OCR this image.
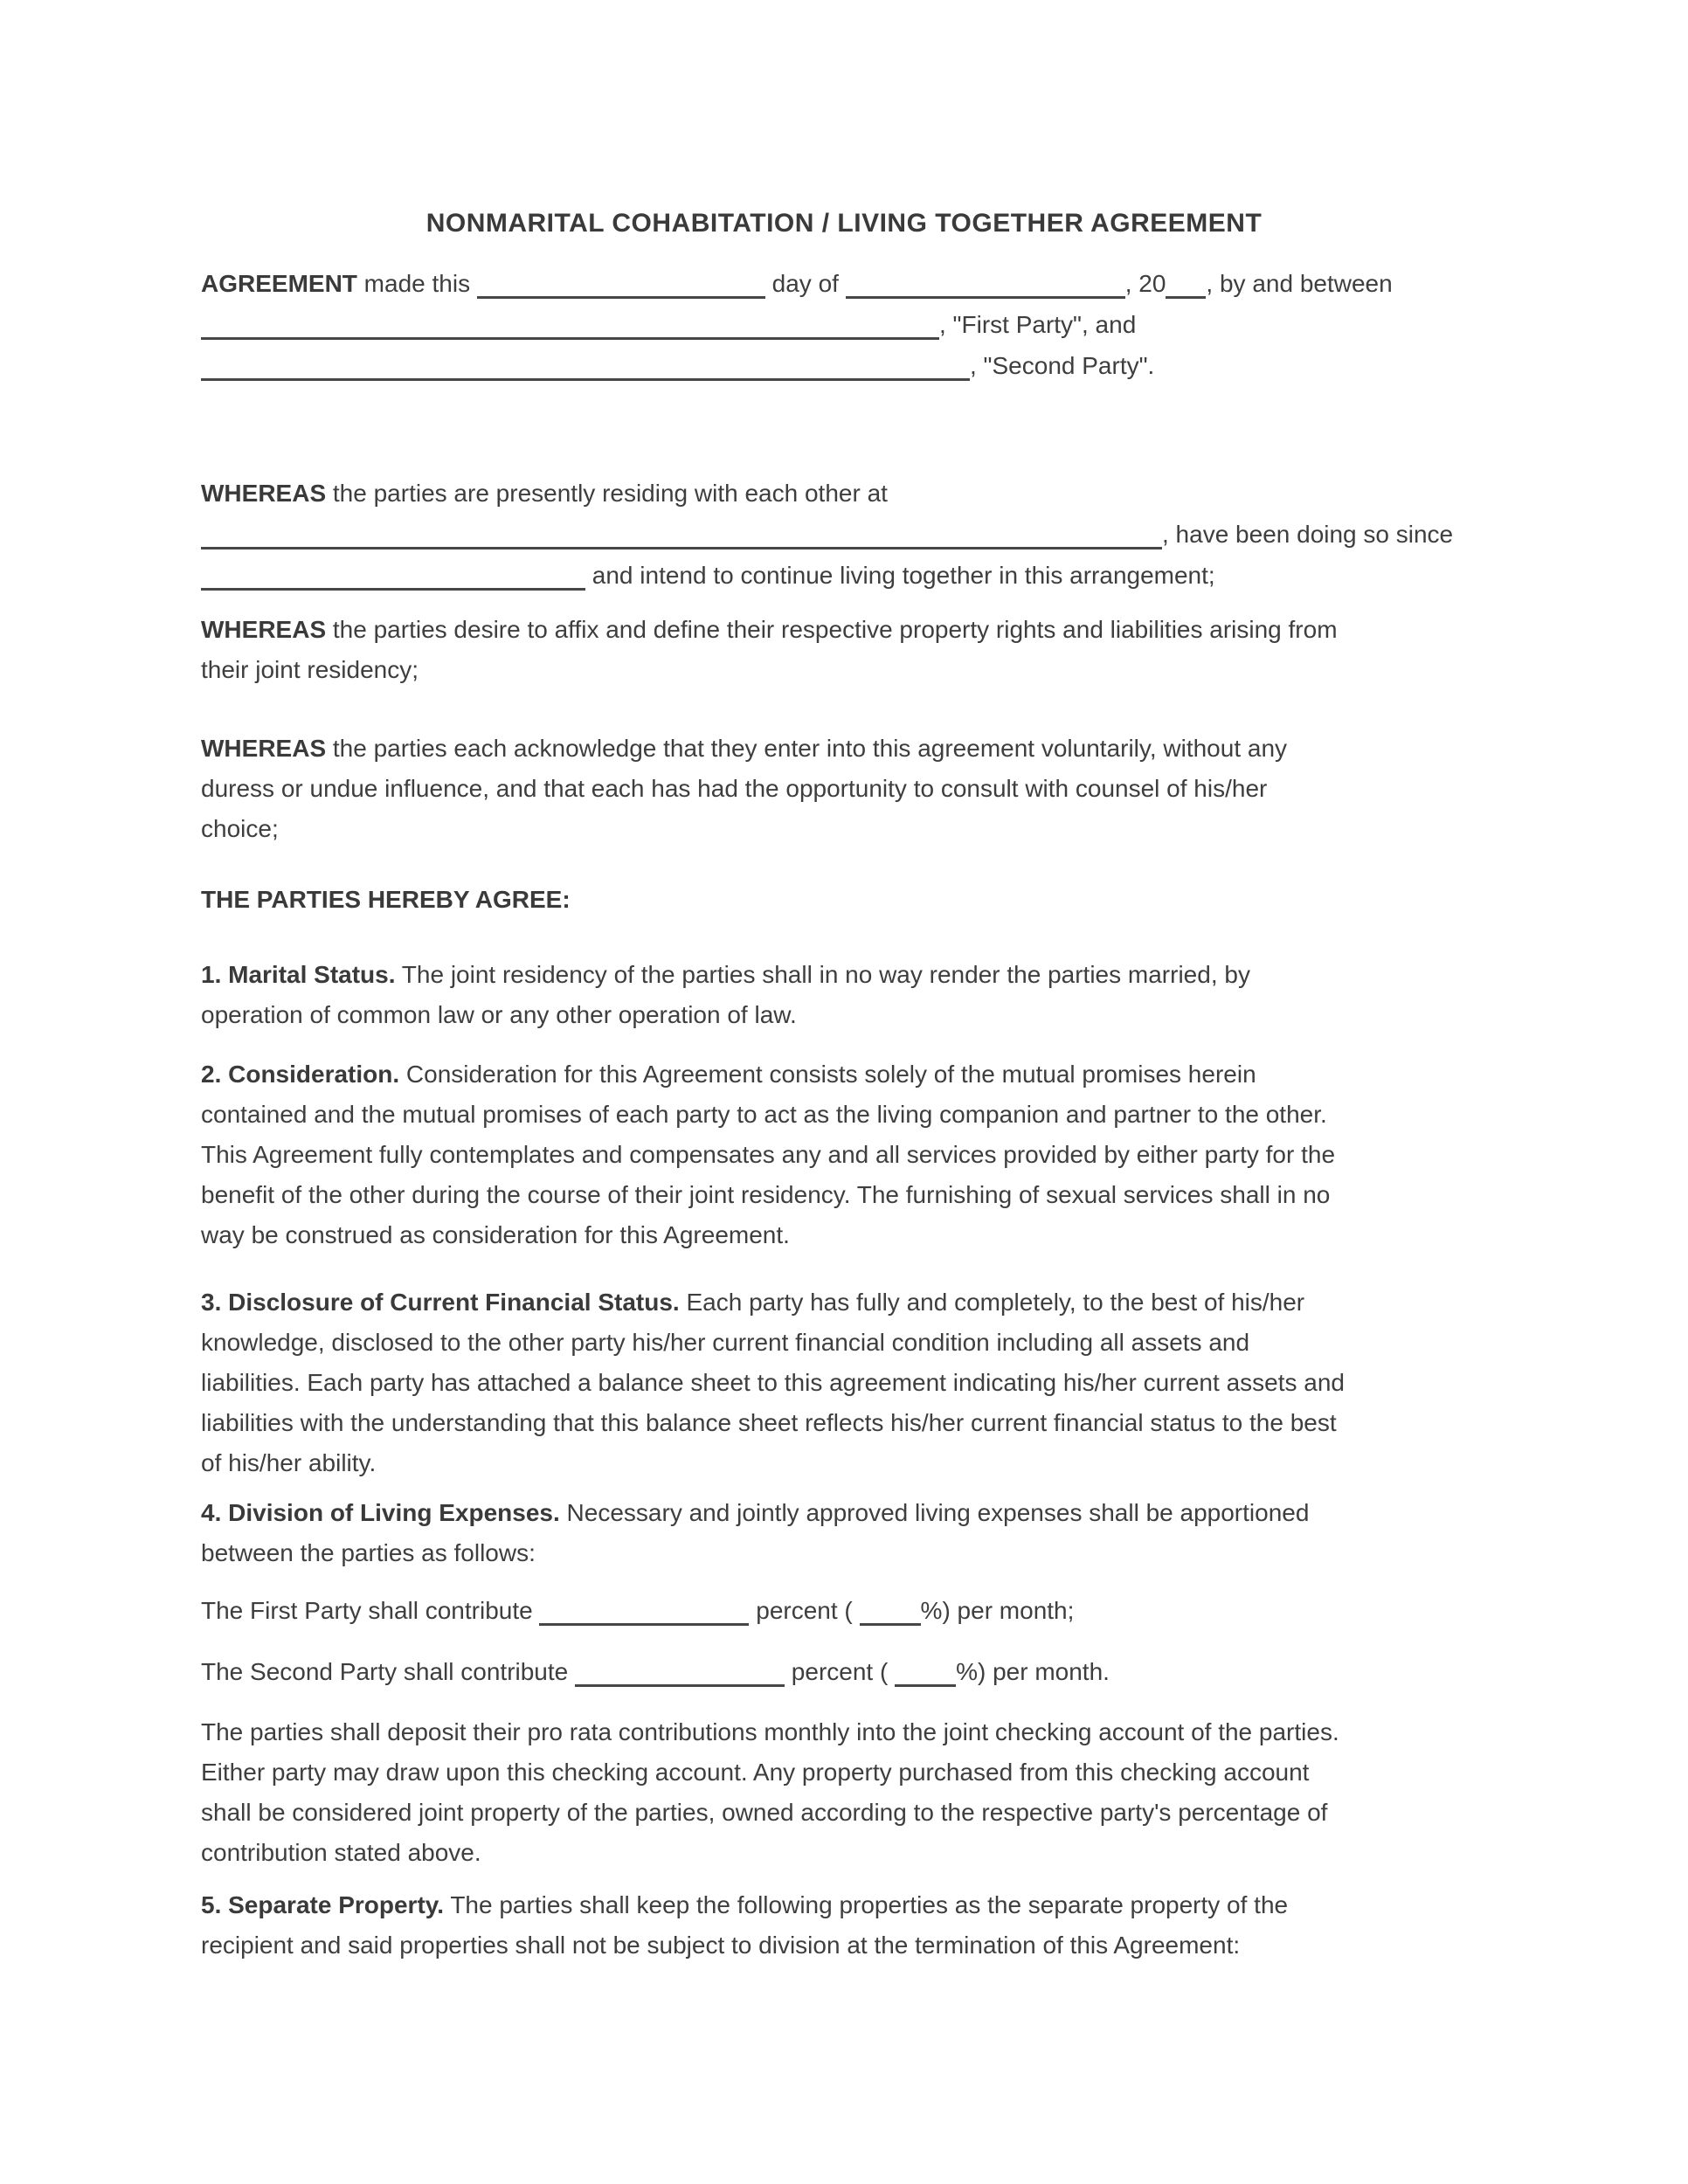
NONMARITAL COHABITATION / LIVING TOGETHER AGREEMENT
AGREEMENT made this	day of	, 20 , by and between
, "First Party", and
, "Second Party".
WHEREAS the parties are presently residing with each other at
, have been doing so since
and intend to continue living together in this arrangement;
WHEREAS the parties desire to affix and define their respective property rights and liabilities arising from
their joint residency;
WHEREAS the parties each acknowledge that they enter into this agreement voluntarily, without any
duress or undue influence, and that each has had the opportunity to consult with counsel of his/her
choice;
THE PARTIES HEREBY AGREE:
1. Marital Status. The joint residency of the parties shall in no way render the parties married, by
operation of common law or any other operation of law.
2. Consideration. Consideration for this Agreement consists solely of the mutual promises herein
contained and the mutual promises of each party to act as the living companion and partner to the other.
This Agreement fully contemplates and compensates any and all services provided by either party for the
benefit of the other during the course of their joint residency. The furnishing of sexual services shall in no
way be construed as consideration for this Agreement.
3. Disclosure of Current Financial Status. Each party has fully and completely, to the best of his/her
knowledge, disclosed to the other party his/her current financial condition including all assets and
liabilities. Each party has attached a balance sheet to this agreement indicating his/her current assets and
liabilities with the understanding that this balance sheet reflects his/her current financial status to the best
of his/her ability.
4. Division of Living Expenses. Necessary and jointly approved living expenses shall be apportioned
between the parties as follows:
The First Party shall contribute	percent (	%) per month;
The Second Party shall contribute	percent (	%) per month.
The parties shall deposit their pro rata contributions monthly into the joint checking account of the parties.
Either party may draw upon this checking account. Any property purchased from this checking account
shall be considered joint property of the parties, owned according to the respective party's percentage of
contribution stated above.
5. Separate Property. The parties shall keep the following properties as the separate property of the
recipient and said properties shall not be subject to division at the termination of this Agreement:
